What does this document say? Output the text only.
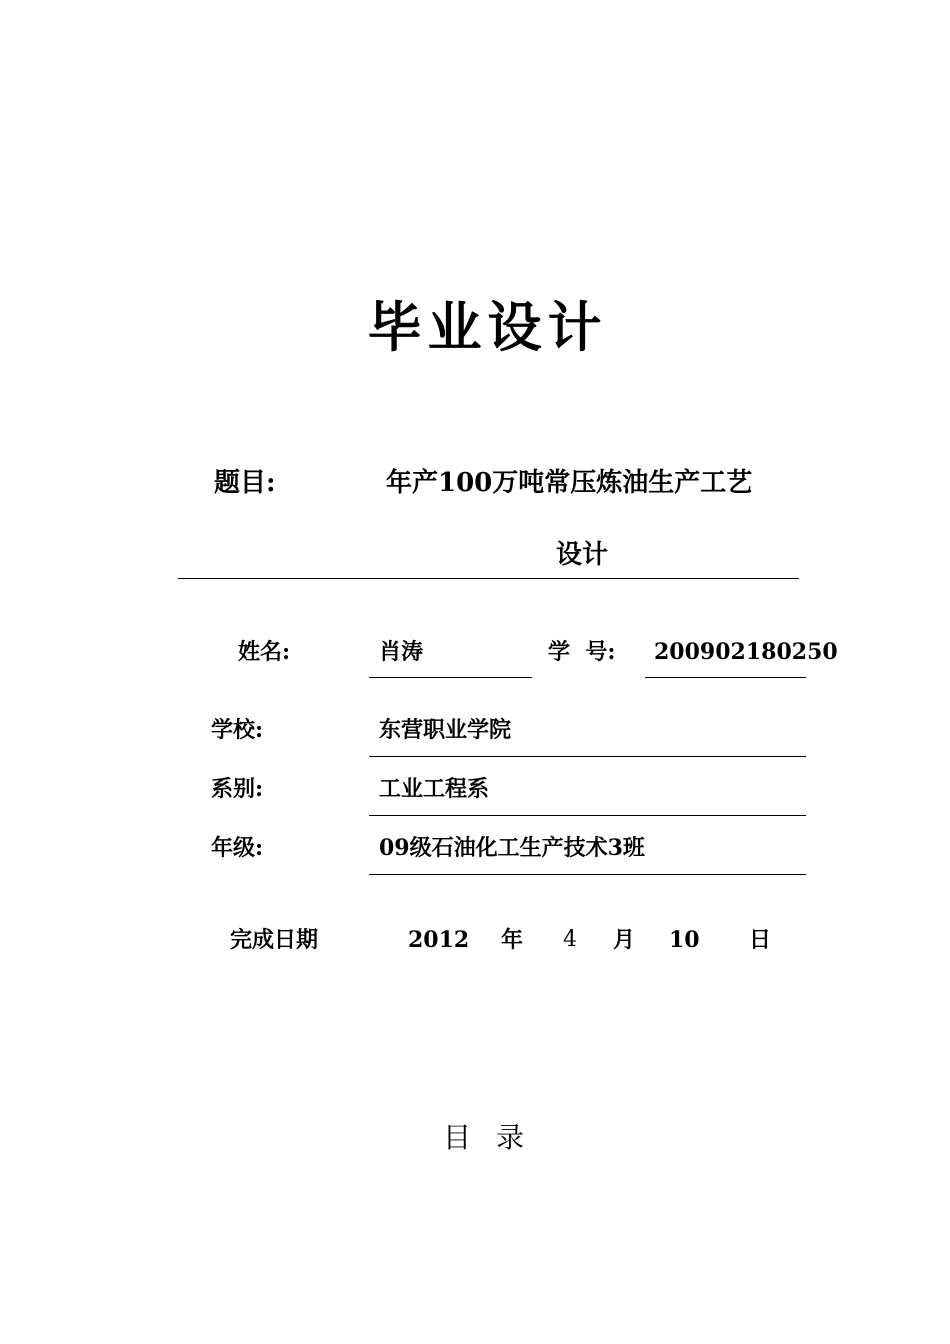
毕业设计
题目:	年产100万吨常压炼油生产工艺
设计
姓名:	肖涛	学  号: 200902180250
学校:	东营职业学院
系别:	工业工程系
年级:	09级石油化工生产技术3班
完成日期	2012 年 4 月 10 日
目 录
